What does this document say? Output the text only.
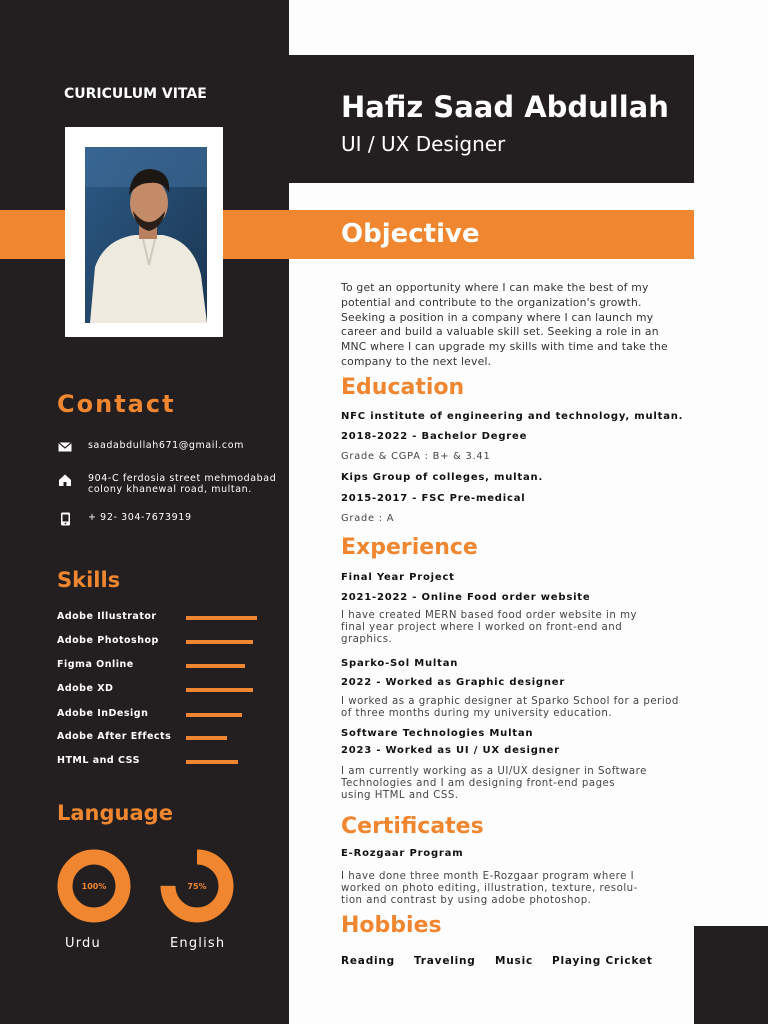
CURICULUM VITAE	Hafiz Saad Abdullah
UI / UX Designer
Objective
Contact
saadabdullah671@gmail.com
904-C ferdosia street mehmodabad
colony khanewal road, multan.
+ 92- 304-7673919
Skills
Adobe Illustrator
Adobe Photoshop
Figma Online
Adobe XD
Adobe InDesign
Adobe After Effects
HTML and CSS
Language
100%
Urdu
75%
English
To get an opportunity where I can make the best of my
potential and contribute to the organization's growth.
Seeking a position in a company where I can launch my
career and build a valuable skill set. Seeking a role in an
MNC where I can upgrade my skills with time and take the
company to the next level.
Education
NFC institute of engineering and technology, multan.
2018-2022 - Bachelor Degree
Grade & CGPA : B+ & 3.41
Kips Group of colleges, multan.
2015-2017 - FSC Pre-medical
Grade : A
Experience
Final Year Project
2021-2022 - Online Food order website
I have created MERN based food order website in my
final year project where I worked on front-end and
graphics.
Sparko-Sol Multan
2022 - Worked as Graphic designer
I worked as a graphic designer at Sparko School for a period
of three months during my university education.
Software Technologies Multan
2023 - Worked as UI / UX designer
I am currently working as a UI/UX designer in Software
Technologies and I am designing front-end pages
using HTML and CSS.
Certificates
E-Rozgaar Program
I have done three month E-Rozgaar program where I
worked on photo editing, illustration, texture, resolu-
tion and contrast by using adobe photoshop.
Hobbies
Reading Traveling Music Playing Cricket
